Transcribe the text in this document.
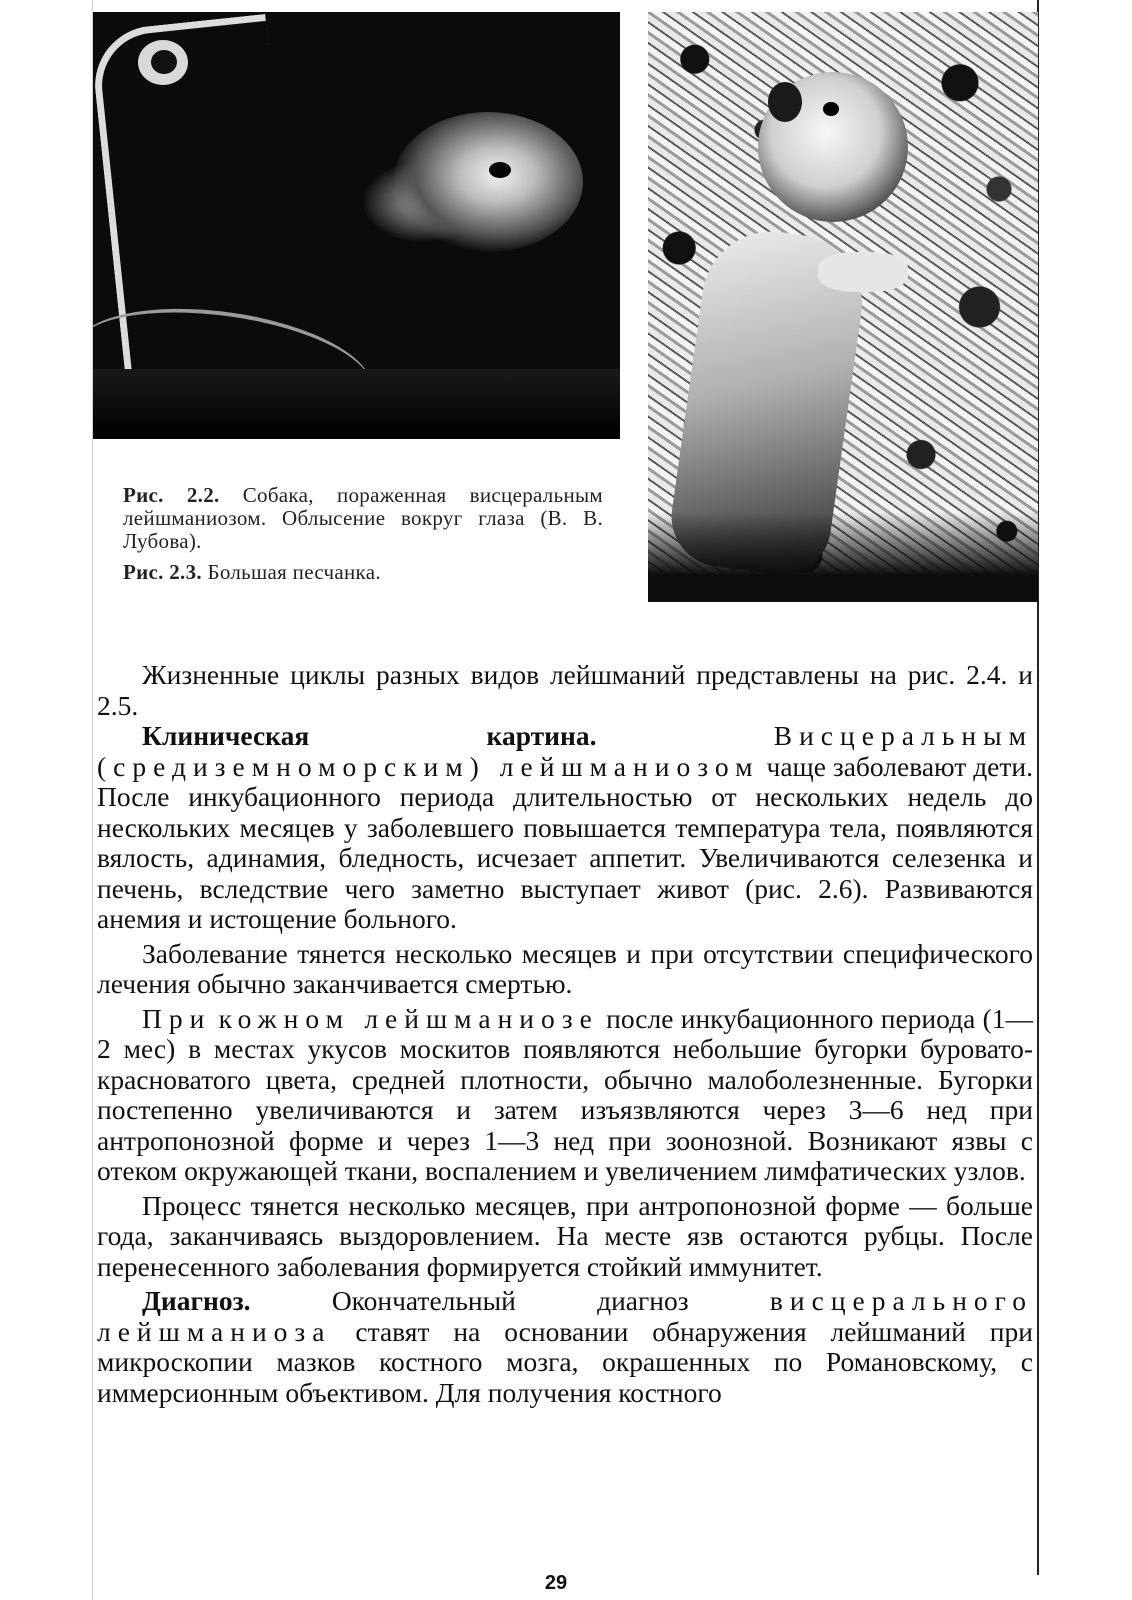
Рис. 2.2. Собака, пораженная висцеральным лейшманиозом. Облысение вокруг глаза (В. В. Лубова).

Рис. 2.3. Большая песчанка.

Жизненные циклы разных видов лейшманий представлены на рис. 2.4. и 2.5.

Клиническая картина.	Висцеральным (средиземноморским) лейшманиозом чаще заболевают дети. После инкубационного периода длительностью от нескольких недель до нескольких месяцев у заболевшего повышается температура тела, появляются вялость, адинамия, бледность, исчезает аппетит. Увеличиваются селезенка и печень, вследствие чего заметно выступает живот (рис. 2.6). Развиваются анемия и истощение больного.

Заболевание тянется несколько месяцев и при отсутствии специфического лечения обычно заканчивается смертью.

При кожном лейшманиозе после инкубационного периода (1—2 мес) в местах укусов москитов появляются небольшие бугорки буровато-красноватого цвета, средней плотности, обычно малоболезненные. Бугорки постепенно увеличиваются и затем изъязвляются через 3—6 нед при антропонозной форме и через 1—3 нед при зоонозной. Возникают язвы с отеком окружающей ткани, воспалением и увеличением лимфатических узлов.

Процесс тянется несколько месяцев, при антропонозной форме — больше года, заканчиваясь выздоровлением. На месте язв остаются рубцы. После перенесенного заболевания формируется стойкий иммунитет.

Диагноз.	Окончательный диагноз	висцерального лейшманиоза ставят на основании обнаружения лейшманий при микроскопии мазков костного мозга, окрашенных по Романовскому, с иммерсионным объективом. Для получения костного

29
